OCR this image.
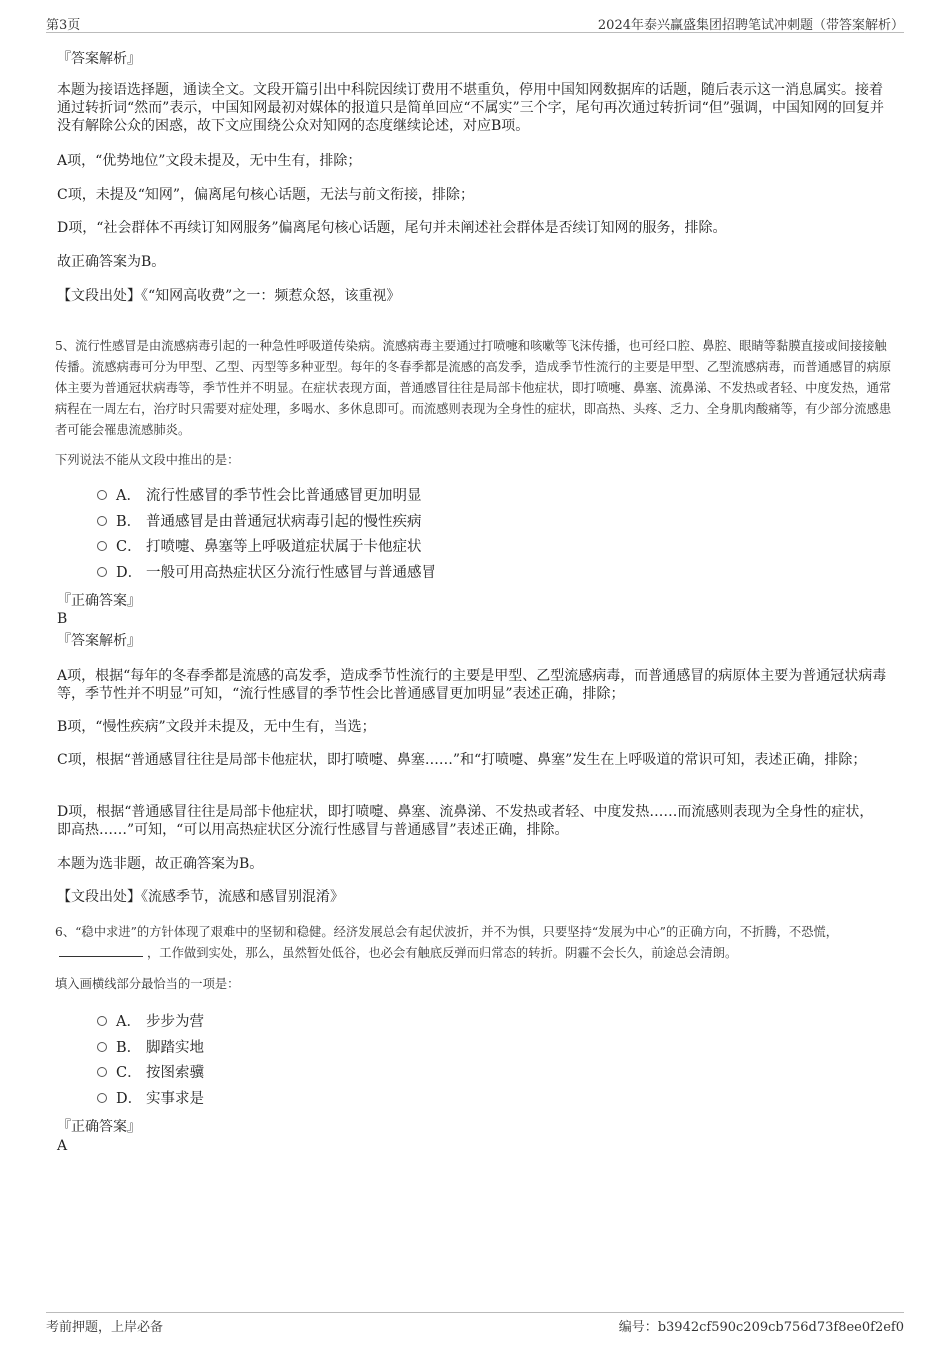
第3页	2024年泰兴赢盛集团招聘笔试冲刺题（带答案解析）
『答案解析』
本题为接语选择题，通读全文。文段开篇引出中科院因续订费用不堪重负，停用中国知网数据库的话题，随后表示这一消息属实。接着通过转折词“然而”表示，中国知网最初对媒体的报道只是简单回应“不属实”三个字，尾句再次通过转折词“但”强调，中国知网的回复并没有解除公众的困惑，故下文应围绕公众对知网的态度继续论述，对应B项。
A项，“优势地位”文段未提及，无中生有，排除；
C项，未提及“知网”，偏离尾句核心话题，无法与前文衔接，排除；
D项，“社会群体不再续订知网服务”偏离尾句核心话题，尾句并未阐述社会群体是否续订知网的服务，排除。
故正确答案为B。
【文段出处】《“知网高收费”之一：频惹众怒，该重视》
5、流行性感冒是由流感病毒引起的一种急性呼吸道传染病。流感病毒主要通过打喷嚏和咳嗽等飞沫传播，也可经口腔、鼻腔、眼睛等黏膜直接或间接接触传播。流感病毒可分为甲型、乙型、丙型等多种亚型。每年的冬春季都是流感的高发季，造成季节性流行的主要是甲型、乙型流感病毒，而普通感冒的病原体主要为普通冠状病毒等，季节性并不明显。在症状表现方面，普通感冒往往是局部卡他症状，即打喷嚏、鼻塞、流鼻涕、不发热或者轻、中度发热，通常病程在一周左右，治疗时只需要对症处理，多喝水、多休息即可。而流感则表现为全身性的症状，即高热、头疼、乏力、全身肌肉酸痛等，有少部分流感患者可能会罹患流感肺炎。
下列说法不能从文段中推出的是：
A． 流行性感冒的季节性会比普通感冒更加明显
B． 普通感冒是由普通冠状病毒引起的慢性疾病
C． 打喷嚏、鼻塞等上呼吸道症状属于卡他症状
D． 一般可用高热症状区分流行性感冒与普通感冒
『正确答案』
B
『答案解析』
A项，根据“每年的冬春季都是流感的高发季，造成季节性流行的主要是甲型、乙型流感病毒，而普通感冒的病原体主要为普通冠状病毒等，季节性并不明显”可知，“流行性感冒的季节性会比普通感冒更加明显”表述正确，排除；
B项，“慢性疾病”文段并未提及，无中生有，当选；
C项，根据“普通感冒往往是局部卡他症状，即打喷嚏、鼻塞……”和“打喷嚏、鼻塞”发生在上呼吸道的常识可知，表述正确，排除；
D项，根据“普通感冒往往是局部卡他症状，即打喷嚏、鼻塞、流鼻涕、不发热或者轻、中度发热……而流感则表现为全身性的症状，即高热……”可知，“可以用高热症状区分流行性感冒与普通感冒”表述正确，排除。
本题为选非题，故正确答案为B。
【文段出处】《流感季节，流感和感冒别混淆》
6、“稳中求进”的方针体现了艰难中的坚韧和稳健。经济发展总会有起伏波折，并不为惧，只要坚持“发展为中心”的正确方向，不折腾，不恐慌，，工作做到实处，那么，虽然暂处低谷，也必会有触底反弹而归常态的转折。阴霾不会长久，前途总会清朗。
填入画横线部分最恰当的一项是：
A． 步步为营
B． 脚踏实地
C． 按图索骥
D． 实事求是
『正确答案』
A
考前押题，上岸必备	编号：b3942cf590c209cb756d73f8ee0f2ef0
